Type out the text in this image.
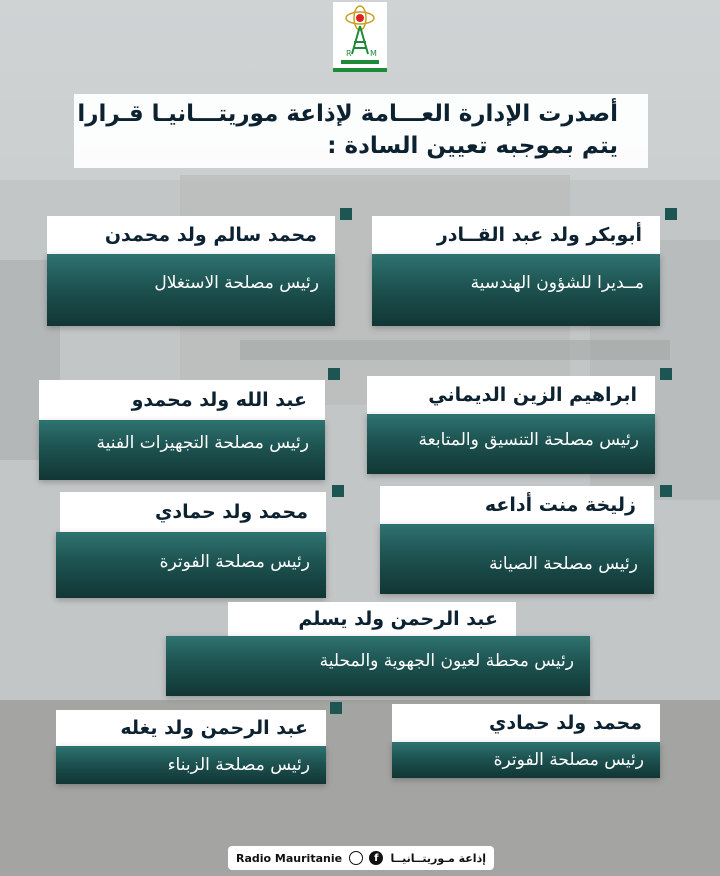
R M
أصدرت الإدارة العـــامة لإذاعة موريتـــانيـا قـرارا
يتم بموجبه تعيين السادة :
محمد سالم ولد محمدن
رئيس مصلحة الاستغلال
أبوبكر ولد عبد القــادر
مــديرا للشؤون الهندسية
عبد الله ولد محمدو
رئيس مصلحة التجهيزات الفنية
ابراهيم الزين الديماني
رئيس مصلحة التنسيق والمتابعة
محمد ولد حمادي
رئيس مصلحة الفوترة
زليخة منت أداعه
رئيس مصلحة الصيانة
عبد الرحمن ولد يسلم
رئيس محطة لعيون الجهوية والمحلية
عبد الرحمن ولد يغله
رئيس مصلحة الزبناء
محمد ولد حمادي
رئيس مصلحة الفوترة
Radio Mauritanie	f	إذاعة مـوريتــانيــا
